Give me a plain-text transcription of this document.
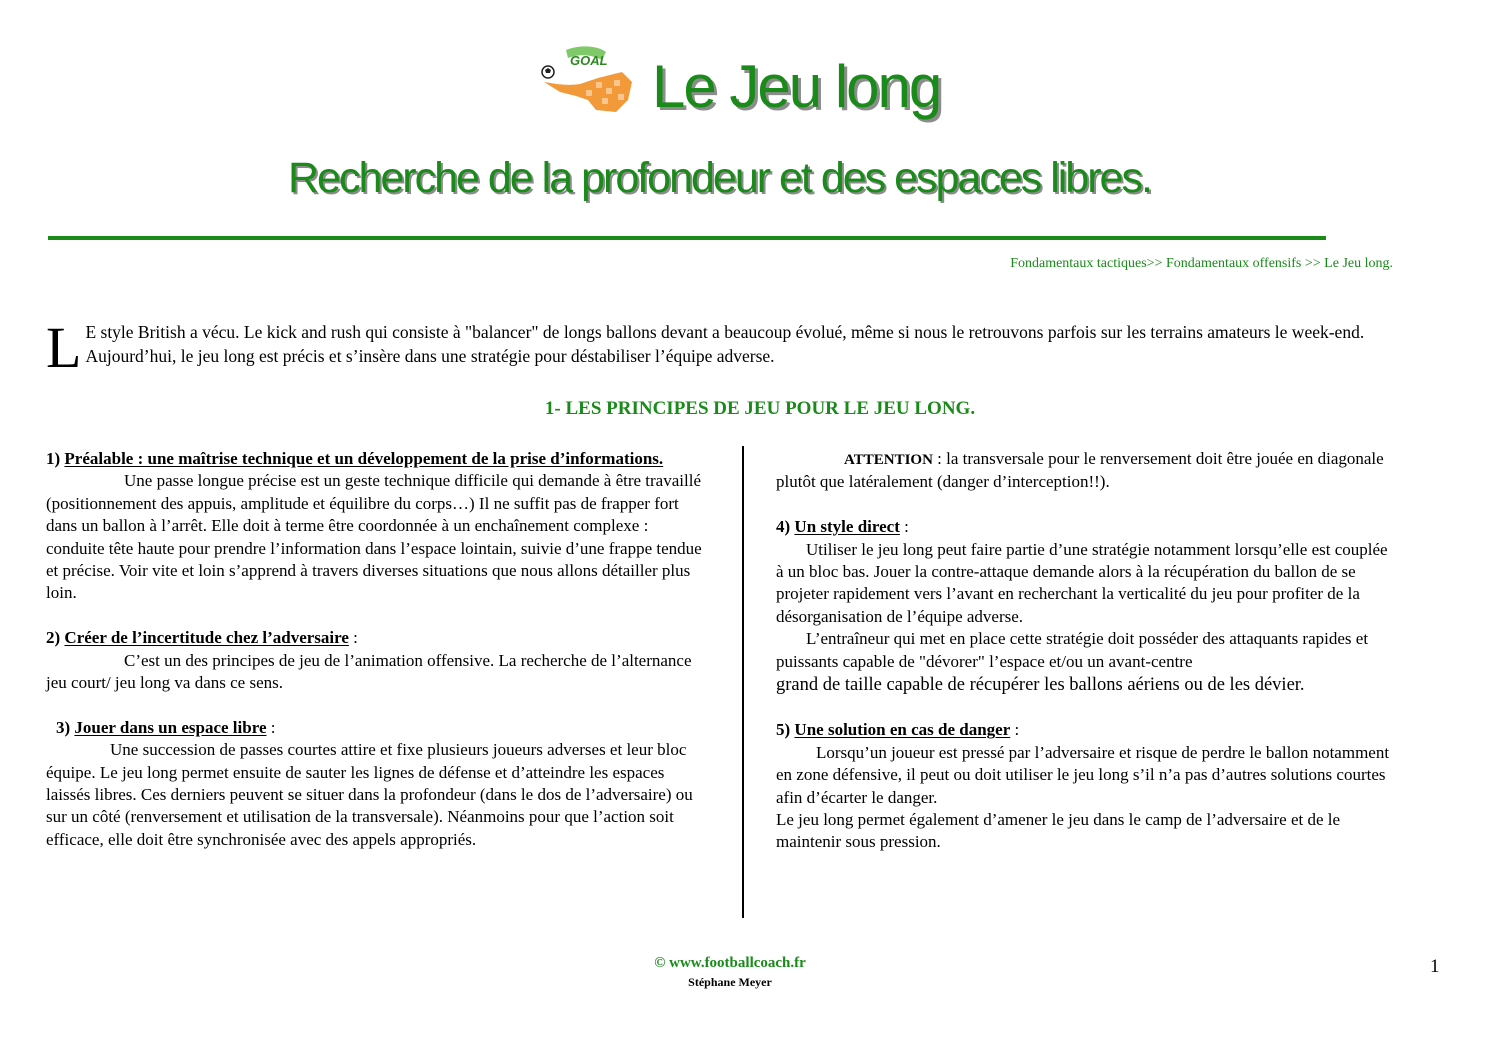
GOAL Le Jeu long
Recherche de la profondeur et des espaces libres.
Fondamentaux tactiques>> Fondamentaux offensifs >> Le Jeu long.
L E style British a vécu. Le kick and rush qui consiste à "balancer" de longs ballons devant a beaucoup évolué, même si nous le retrouvons parfois sur les terrains amateurs le week-end. Aujourd’hui, le jeu long est précis et s’insère dans une stratégie pour déstabiliser l’équipe adverse.
1- LES PRINCIPES DE JEU POUR LE JEU LONG.

1) Préalable : une maîtrise technique et un développement de la prise d’informations.

Une passe longue précise est un geste technique difficile qui demande à être travaillé (positionnement des appuis, amplitude et équilibre du corps…) Il ne suffit pas de frapper fort dans un ballon à l’arrêt. Elle doit à terme être coordonnée à un enchaînement complexe : conduite tête haute pour prendre l’information dans l’espace lointain, suivie d’une frappe tendue et précise. Voir vite et loin s’apprend à travers diverses situations que nous allons détailler plus loin.

2) Créer de l’incertitude chez l’adversaire :

C’est un des principes de jeu de l’animation offensive. La recherche de l’alternance jeu court/ jeu long va dans ce sens.

3) Jouer dans un espace libre :

Une succession de passes courtes attire et fixe plusieurs joueurs adverses et leur bloc équipe. Le jeu long permet ensuite de sauter les lignes de défense et d’atteindre les espaces laissés libres. Ces derniers peuvent se situer dans la profondeur (dans le dos de l’adversaire) ou sur un côté (renversement et utilisation de la transversale). Néanmoins pour que l’action soit efficace, elle doit être synchronisée avec des appels appropriés.

ATTENTION : la transversale pour le renversement doit être jouée en diagonale plutôt que latéralement (danger d’interception!!).

4) Un style direct :

Utiliser le jeu long peut faire partie d’une stratégie notamment lorsqu’elle est couplée à un bloc bas. Jouer la contre-attaque demande alors à la récupération du ballon de se projeter rapidement vers l’avant en recherchant la verticalité du jeu pour profiter de la désorganisation de l’équipe adverse.

L’entraîneur qui met en place cette stratégie doit posséder des attaquants rapides et puissants capable de "dévorer" l’espace et/ou un avant-centre

grand de taille capable de récupérer les ballons aériens ou de les dévier.

5) Une solution en cas de danger :

Lorsqu’un joueur est pressé par l’adversaire et risque de perdre le ballon notamment en zone défensive, il peut ou doit utiliser le jeu long s’il n’a pas d’autres solutions courtes afin d’écarter le danger.

Le jeu long permet également d’amener le jeu dans le camp de l’adversaire et de le maintenir sous pression.

© www.footballcoach.fr
Stéphane Meyer
1
